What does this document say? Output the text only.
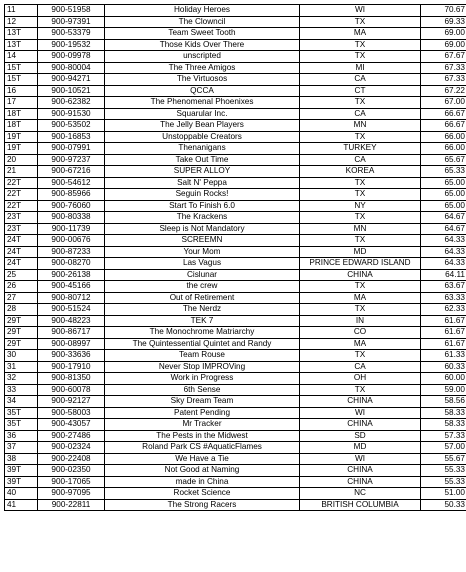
11	900-51958	Holiday Heroes	WI	70.67
12	900-97391	The Clowncil	TX	69.33
13T	900-53379	Team Sweet Tooth	MA	69.00
13T	900-19532	Those Kids Over There	TX	69.00
14	900-09978	unscripted	TX	67.67
15T	900-80004	The Three Amigos	MI	67.33
15T	900-94271	The Virtuosos	CA	67.33
16	900-10521	QCCA	CT	67.22
17	900-62382	The Phenomenal Phoenixes	TX	67.00
18T	900-91530	Squarular Inc.	CA	66.67
18T	900-53502	The Jelly Bean Players	MN	66.67
19T	900-16853	Unstoppable Creators	TX	66.00
19T	900-07991	Thenanigans	TURKEY	66.00
20	900-97237	Take Out Time	CA	65.67
21	900-67216	SUPER ALLOY	KOREA	65.33
22T	900-54612	Salt N' Peppa	TX	65.00
22T	900-85966	Seguin Rocks!	TX	65.00
22T	900-76060	Start To Finish 6.0	NY	65.00
23T	900-80338	The Krackens	TX	64.67
23T	900-11739	Sleep is Not Mandatory	MN	64.67
24T	900-00676	SCREEMN	TX	64.33
24T	900-87233	Your Mom	MD	64.33
24T	900-08270	Las Vagus	PRINCE EDWARD ISLAND	64.33
25	900-26138	Cislunar	CHINA	64.11
26	900-45166	the crew	TX	63.67
27	900-80712	Out of Retirement	MA	63.33
28	900-51524	The Nerdz	TX	62.33
29T	900-48223	TEK 7	IN	61.67
29T	900-86717	The Monochrome Matriarchy	CO	61.67
29T	900-08997	The Quintessential Quintet and Randy	MA	61.67
30	900-33636	Team Rouse	TX	61.33
31	900-17910	Never Stop IMPROVing	CA	60.33
32	900-81350	Work in Progress	OH	60.00
33	900-60078	6th Sense	TX	59.00
34	900-92127	Sky Dream Team	CHINA	58.56
35T	900-58003	Patent Pending	WI	58.33
35T	900-43057	Mr Tracker	CHINA	58.33
36	900-27486	The Pests in the Midwest	SD	57.33
37	900-02324	Roland Park CS #AquaticFlames	MD	57.00
38	900-22408	We Have a Tie	WI	55.67
39T	900-02350	Not Good at Naming	CHINA	55.33
39T	900-17065	made in China	CHINA	55.33
40	900-97095	Rocket Science	NC	51.00
41	900-22811	The Strong Racers	BRITISH COLUMBIA	50.33
